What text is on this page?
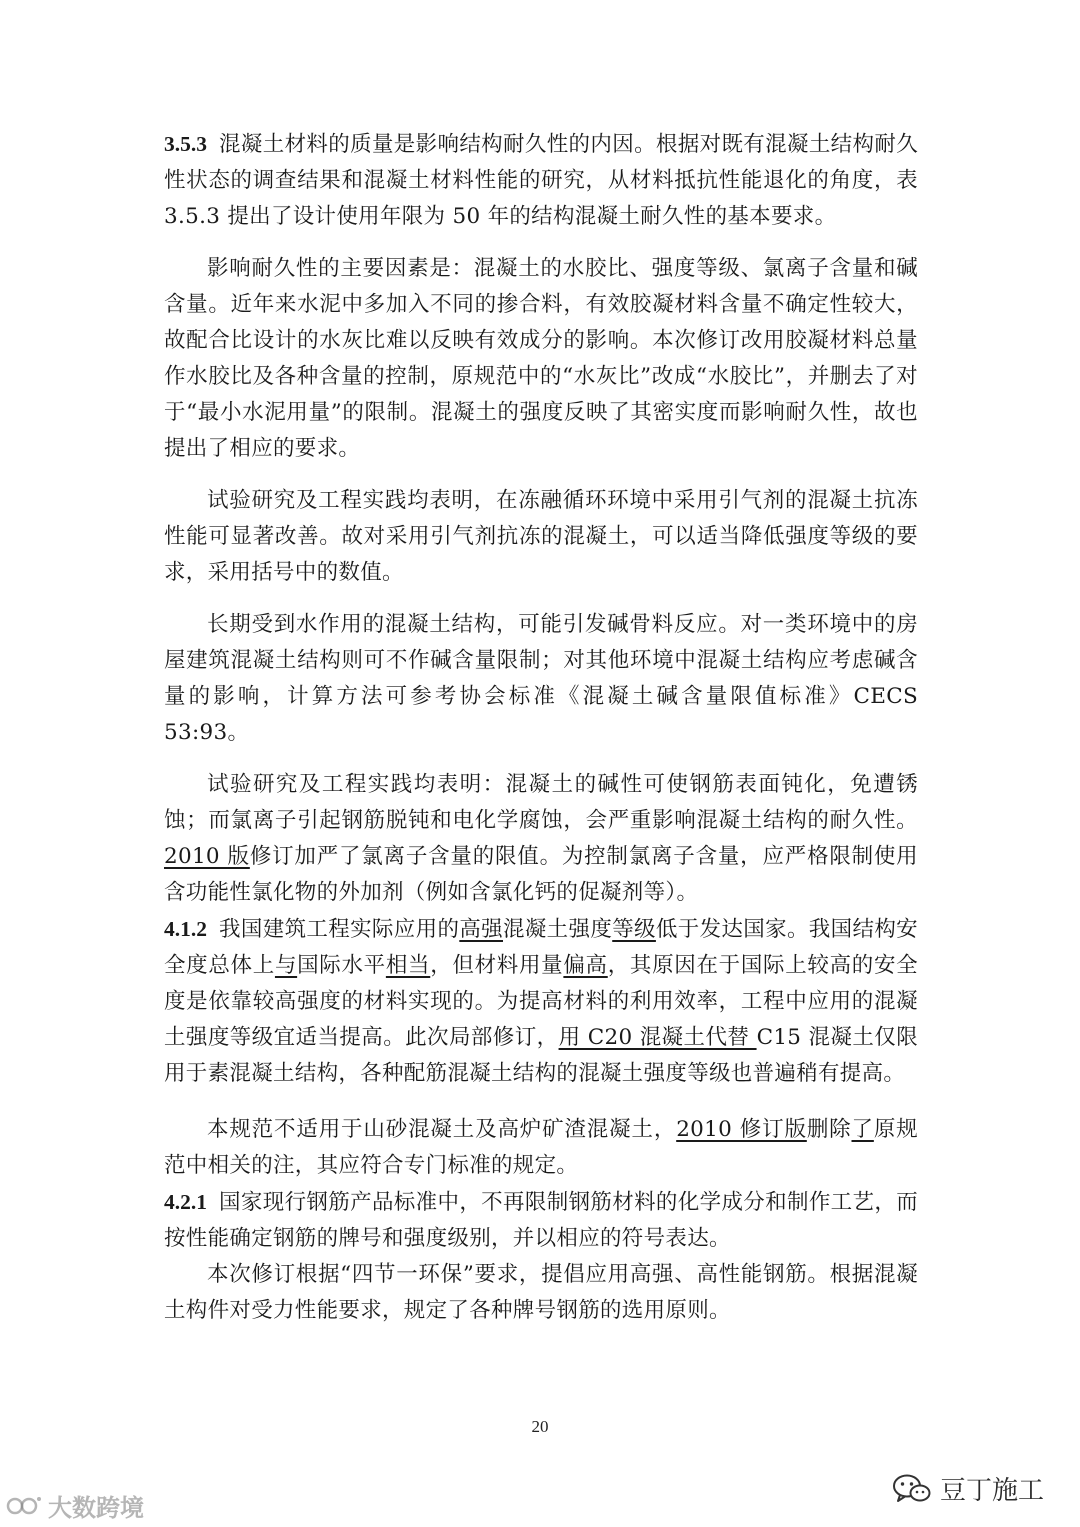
3.5.3 混凝土材料的质量是影响结构耐久性的内因。根据对既有混凝土结构耐久性状态的调查结果和混凝土材料性能的研究，从材料抵抗性能退化的角度，表3.5.3 提出了设计使用年限为 50 年的结构混凝土耐久性的基本要求。

影响耐久性的主要因素是：混凝土的水胶比、强度等级、氯离子含量和碱含量。近年来水泥中多加入不同的掺合料，有效胶凝材料含量不确定性较大，故配合比设计的水灰比难以反映有效成分的影响。本次修订改用胶凝材料总量作水胶比及各种含量的控制，原规范中的“水灰比”改成“水胶比”，并删去了对于“最小水泥用量”的限制。混凝土的强度反映了其密实度而影响耐久性，故也提出了相应的要求。

试验研究及工程实践均表明，在冻融循环环境中采用引气剂的混凝土抗冻性能可显著改善。故对采用引气剂抗冻的混凝土，可以适当降低强度等级的要求，采用括号中的数值。

长期受到水作用的混凝土结构，可能引发碱骨料反应。对一类环境中的房屋建筑混凝土结构则可不作碱含量限制；对其他环境中混凝土结构应考虑碱含量的影响，计算方法可参考协会标准《混凝土碱含量限值标准》CECS 53:93。

试验研究及工程实践均表明：混凝土的碱性可使钢筋表面钝化，免遭锈蚀；而氯离子引起钢筋脱钝和电化学腐蚀，会严重影响混凝土结构的耐久性。2010 版修订加严了氯离子含量的限值。为控制氯离子含量，应严格限制使用含功能性氯化物的外加剂（例如含氯化钙的促凝剂等）。

4.1.2 我国建筑工程实际应用的高强混凝土强度等级低于发达国家。我国结构安全度总体上与国际水平相当，但材料用量偏高，其原因在于国际上较高的安全度是依靠较高强度的材料实现的。为提高材料的利用效率，工程中应用的混凝土强度等级宜适当提高。此次局部修订，用 C20 混凝土代替 C15 混凝土仅限用于素混凝土结构，各种配筋混凝土结构的混凝土强度等级也普遍稍有提高。

本规范不适用于山砂混凝土及高炉矿渣混凝土，2010 修订版删除了原规范中相关的注，其应符合专门标准的规定。

4.2.1 国家现行钢筋产品标准中，不再限制钢筋材料的化学成分和制作工艺，而按性能确定钢筋的牌号和强度级别，并以相应的符号表达。

本次修订根据“四节一环保”要求，提倡应用高强、高性能钢筋。根据混凝土构件对受力性能要求，规定了各种牌号钢筋的选用原则。

20
豆丁施工
大数跨境
